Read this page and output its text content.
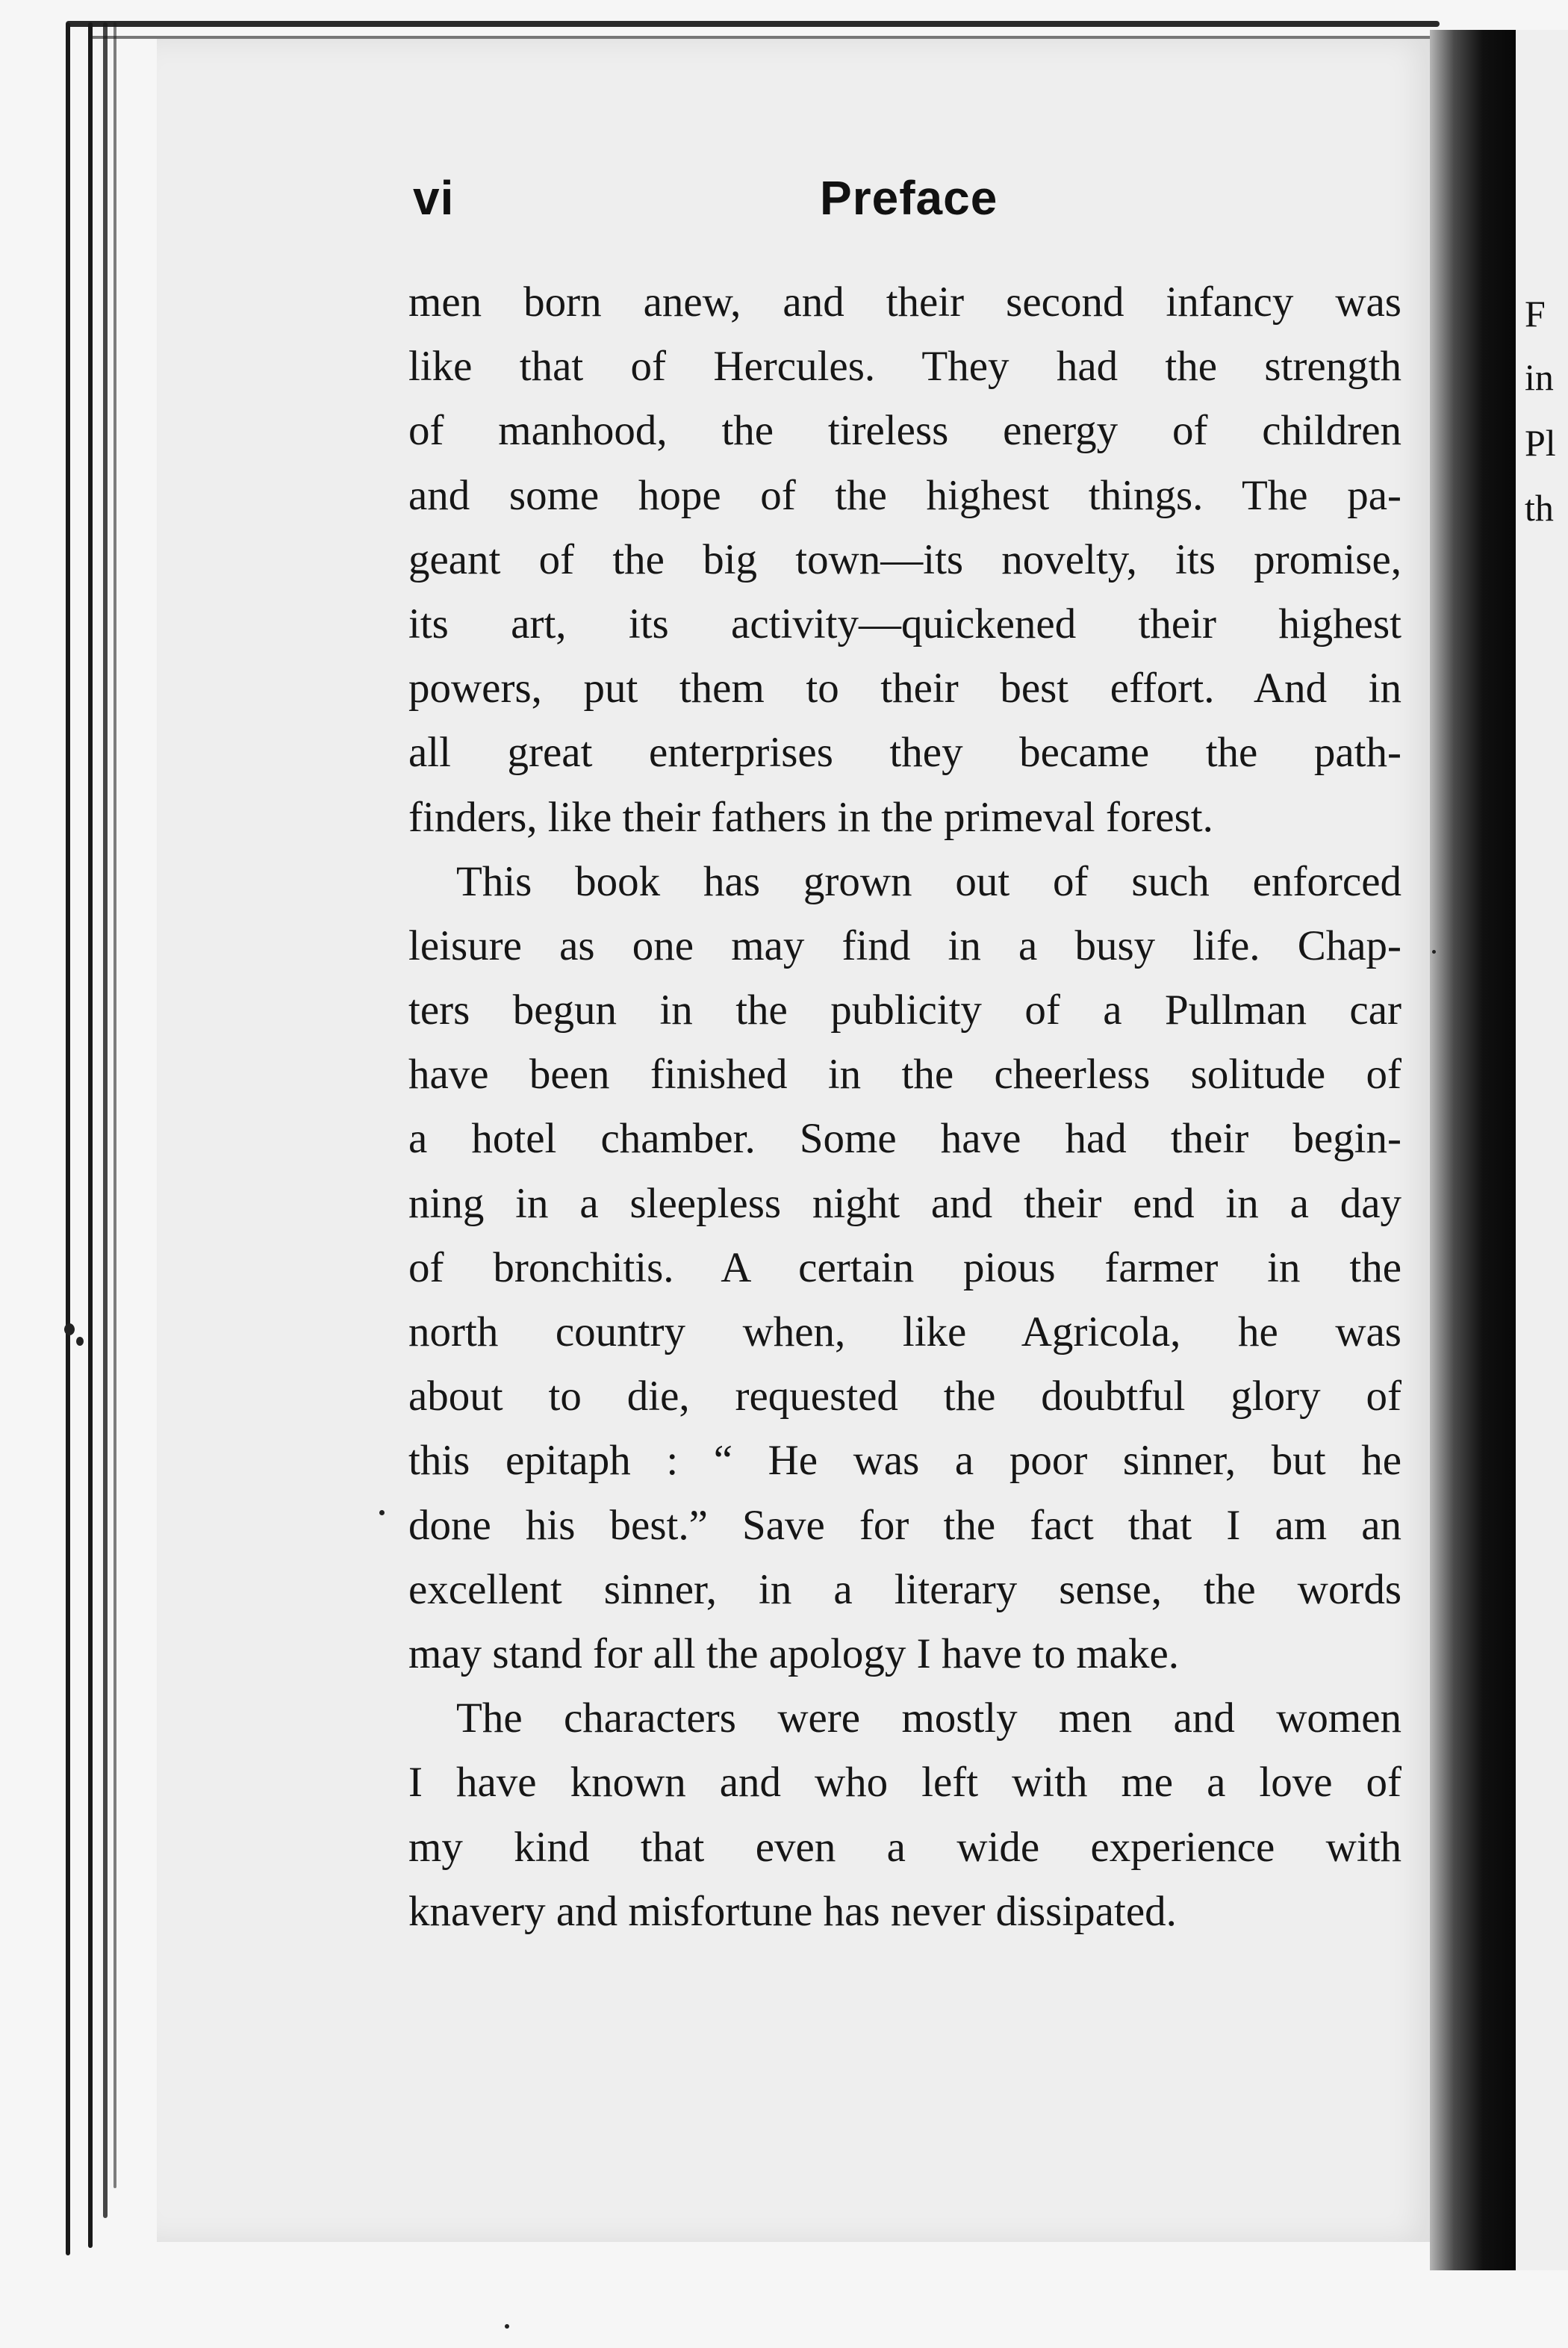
F
in
Pl
th
vi	Preface
men born anew, and their second infancy was
like that of Hercules. They had the strength
of manhood, the tireless energy of children
and some hope of the highest things. The pa-
geant of the big town—its novelty, its promise,
its art, its activity—quickened their highest
powers, put them to their best effort. And in
all great enterprises they became the path-
finders, like their fathers in the primeval forest.
This book has grown out of such enforced
leisure as one may find in a busy life. Chap-
ters begun in the publicity of a Pullman car
have been finished in the cheerless solitude of
a hotel chamber. Some have had their begin-
ning in a sleepless night and their end in a day
of bronchitis. A certain pious farmer in the
north country when, like Agricola, he was
about to die, requested the doubtful glory of
this epitaph : “ He was a poor sinner, but he
done his best.” Save for the fact that I am an
excellent sinner, in a literary sense, the words
may stand for all the apology I have to make.
The characters were mostly men and women
I have known and who left with me a love of
my kind that even a wide experience with
knavery and misfortune has never dissipated.
